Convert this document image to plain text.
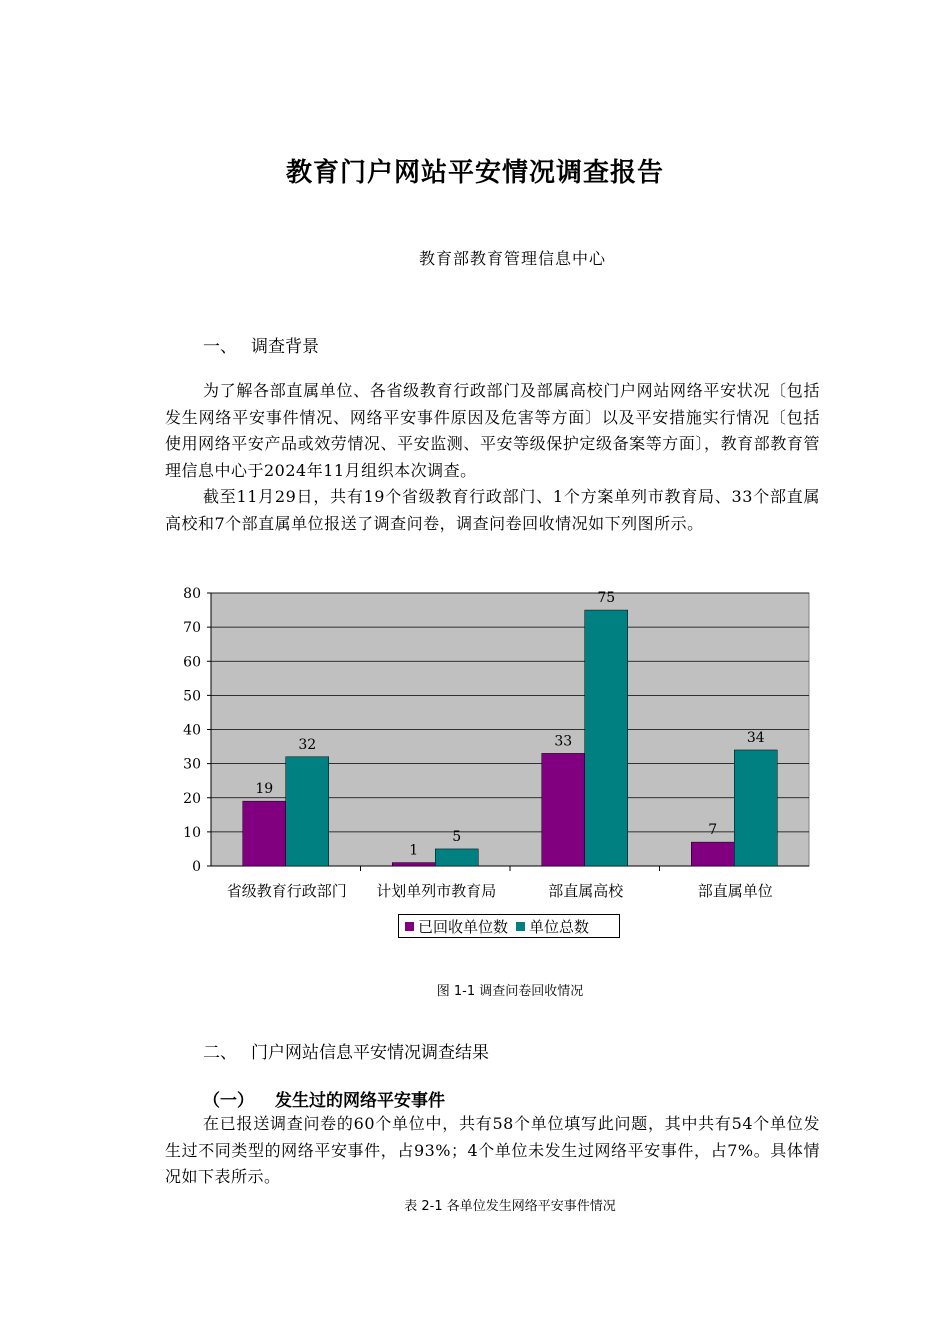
教育门户网站平安情况调查报告
教育部教育管理信息中心
一、 调查背景

为了解各部直属单位、各省级教育行政部门及部属高校门户网站网络平安状况〔包括发生网络平安事件情况、网络平安事件原因及危害等方面〕以及平安措施实行情况〔包括使用网络平安产品或效劳情况、平安监测、平安等级保护定级备案等方面〕，教育部教育管理信息中心于2024年11月组织本次调查。

截至11月29日，共有19个省级教育行政部门、1个方案单列市教育局、33个部直属高校和7个部直属单位报送了调查问卷，调查问卷回收情况如下列图所示。

0
10
20
30
40
50
60
70
80
省级教育行政部门
19
32
计划单列市教育局
1
5
部直属高校
33
75
部直属单位
7
34
已回收单位数 单位总数
图 1-1 调查问卷回收情况
二、 门户网站信息平安情况调查结果
（一） 发生过的网络平安事件

在已报送调查问卷的60个单位中，共有58个单位填写此问题，其中共有54个单位发生过不同类型的网络平安事件，占93%；4个单位未发生过网络平安事件，占7%。具体情况如下表所示。

表 2-1 各单位发生网络平安事件情况
